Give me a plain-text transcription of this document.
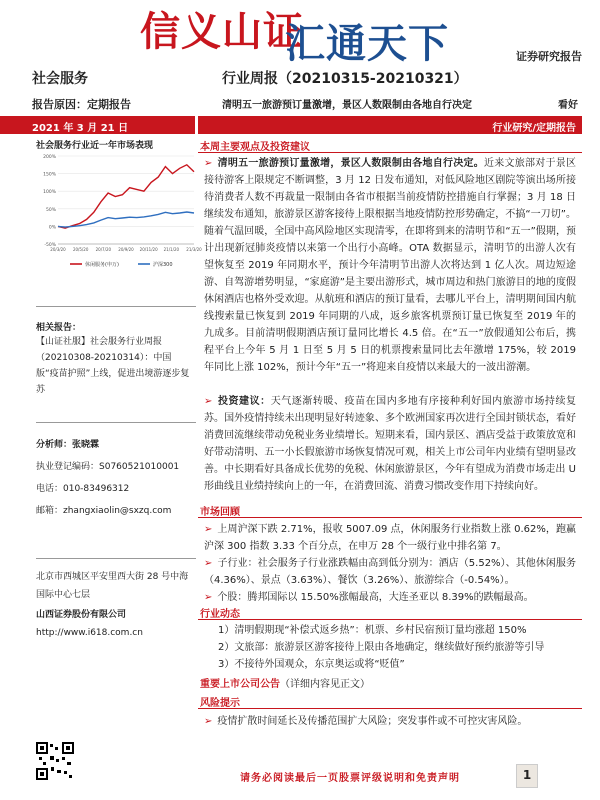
信义山证
汇通天下	证券研究报告
社会服务
报告原因：定期报告
2021 年 3 月 21 日
社会服务行业近一年市场表现
-50%
0%
50%
100%
150%
200%
20/3/20 20/5/20 20/7/20 20/9/20 20/11/20 21/1/20 21/3/20
休闲服务(申万)	沪深300
相关报告：
【山证社服】社会服务行业周报（20210308-20210314）：中国版“疫苗护照”上线，促进出境游逐步复苏
分析师：张晓霖
执业登记编码：S0760521010001
电话：010-83496312
邮箱：zhangxiaolin@sxzq.com
北京市西城区平安里西大街 28 号中海国际中心七层
山西证券股份有限公司
http://www.i618.com.cn
行业周报（20210315-20210321）
清明五一旅游预订量激增，景区人数限制由各地自行决定	看好
行业研究/定期报告
本周主要观点及投资建议
➢ 清明五一旅游预订量激增，景区人数限制由各地自行决定。近来文旅部对于景区接待游客上限规定不断调整，3 月 12 日发布通知，对低风险地区剧院等演出场所接待消费者人数不再裁量一限制由各省市根据当前疫情防控措施自行掌握；3 月 18 日继续发布通知，旅游景区游客接待上限根据当地疫情防控形势确定，不搞“一刀切”。随着气温回暖，全国中高风险地区实现清零，在即将到来的清明节和“五一”假期，预计出现新冠肺炎疫情以来第一个出行小高峰。OTA 数据显示，清明节的出游人次有望恢复至 2019 年同期水平，预计今年清明节出游人次将达到 1 亿人次。周边短途游、自驾游增势明显，“家庭游”是主要出游形式，城市周边和热门旅游目的地的度假休闲酒店也格外受欢迎。从航班和酒店的预订量看，去哪儿平台上，清明期间国内航线搜索量已恢复到 2019 年同期的八成，返乡旅客机票预订量已恢复至 2019 年的九成多。目前清明假期酒店预订量同比增长 4.5 倍。在“五一”放假通知公布后，携程平台上今年 5 月 1 日至 5 月 5 日的机票搜索量同比去年激增 175%，较 2019 年同比上涨 102%，预计今年“五一”将迎来自疫情以来最大的一波出游潮。
➢ 投资建议：天气逐渐转暖、疫苗在国内多地有序接种利好国内旅游市场持续复苏。国外疫情持续未出现明显好转迹象、多个欧洲国家再次进行全国封锁状态，看好消费回流继续带动免税业务业绩增长。短期来看，国内景区、酒店受益于政策放宽和好带动清明、五一小长假旅游市场恢复情况可观，相关上市公司年内业绩有望明显改善。中长期看好具备成长优势的免税、休闲旅游景区，今年有望成为消费市场走出 U 形曲线且业绩持续向上的一年，在消费回流、消费习惯改变作用下持续向好。
市场回顾
➢ 上周沪深下跌 2.71%，报收 5007.09 点，休闲服务行业指数上涨 0.62%，跑赢沪深 300 指数 3.33 个百分点，在申万 28 个一级行业中排名第 7。
➢ 子行业：社会服务子行业涨跌幅由高到低分别为：酒店（5.52%）、其他休闲服务（4.36%）、景点（3.63%）、餐饮（3.26%）、旅游综合（-0.54%）。
➢ 个股：腾邦国际以 15.50%涨幅最高，大连圣亚以 8.39%的跌幅最高。
行业动态
1）清明假期现“补偿式返乡热”：机票、乡村民宿预订量均涨超 150%
2）文旅部：旅游景区游客接待上限由各地确定，继续做好预约旅游等引导
3）不接待外国观众，东京奥运或将“贬值”
重要上市公司公告（详细内容见正文）
风险提示
➢ 疫情扩散时间延长及传播范围扩大风险；突发事件或不可控灾害风险。
请务必阅读最后一页股票评级说明和免责声明	1
